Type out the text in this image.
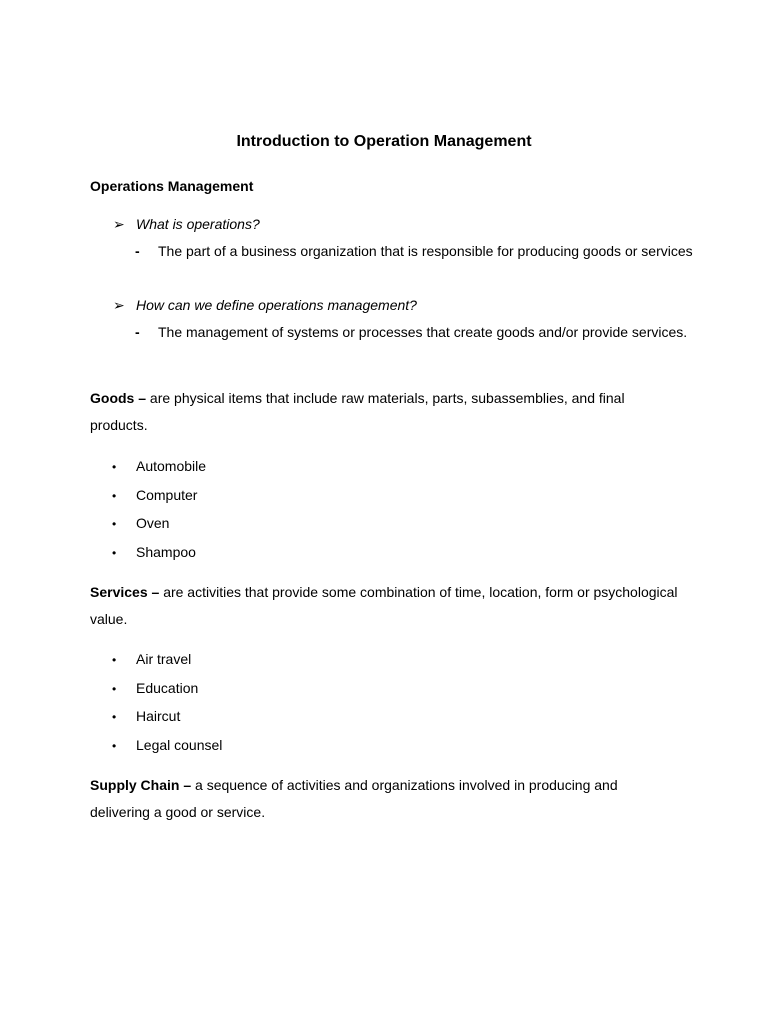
Introduction to Operation Management
Operations Management
➢ What is operations?
- The part of a business organization that is responsible for producing goods or services
➢ How can we define operations management?
- The management of systems or processes that create goods and/or provide services.
Goods – are physical items that include raw materials, parts, subassemblies, and final products.
• Automobile
• Computer
• Oven
• Shampoo
Services – are activities that provide some combination of time, location, form or psychological value.
• Air travel
• Education
• Haircut
• Legal counsel
Supply Chain – a sequence of activities and organizations involved in producing and delivering a good or service.
